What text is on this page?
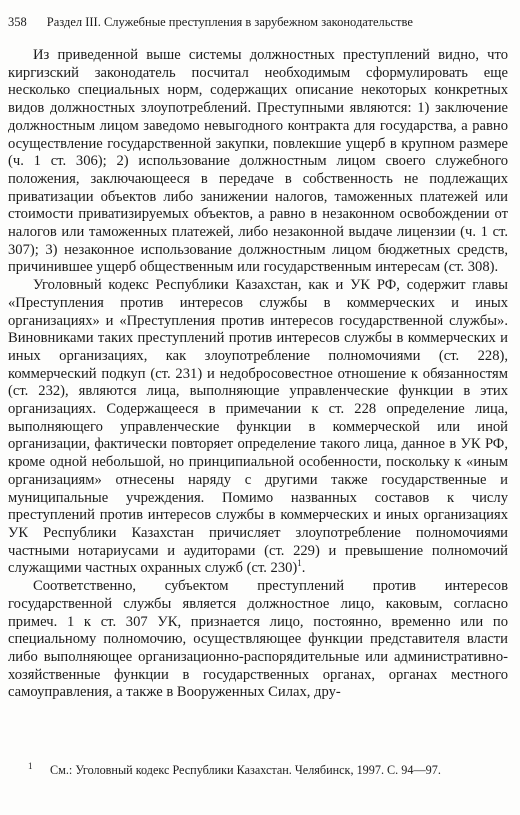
358 Раздел III. Служебные преступления в зарубежном законодательстве

Из приведенной выше системы должностных преступлений видно, что киргизский законодатель посчитал необходимым сформулировать еще несколько специальных норм, содержащих описание некоторых конкретных видов должностных злоупотреблений. Преступными являются: 1) заключение должностным лицом заведомо невыгодного контракта для государства, а равно осуществление государственной закупки, повлекшие ущерб в крупном размере (ч. 1 ст. 306); 2) использование должностным лицом своего служебного положения, заключающееся в передаче в собственность не подлежащих приватизации объектов либо занижении налогов, таможенных платежей или стоимости приватизируемых объектов, а равно в незаконном освобождении от налогов или таможенных платежей, либо незаконной выдаче лицензии (ч. 1 ст. 307); 3) незаконное использование должностным лицом бюджетных средств, причинившее ущерб общественным или государственным интересам (ст. 308).

Уголовный кодекс Республики Казахстан, как и УК РФ, содержит главы «Преступления против интересов службы в коммерческих и иных организациях» и «Преступления против интересов государственной службы». Виновниками таких преступлений против интересов службы в коммерческих и иных организациях, как злоупотребление полномочиями (ст. 228), коммерческий подкуп (ст. 231) и недобросовестное отношение к обязанностям (ст. 232), являются лица, выполняющие управленческие функции в этих организациях. Содержащееся в примечании к ст. 228 определение лица, выполняющего управленческие функции в коммерческой или иной организации, фактически повторяет определение такого лица, данное в УК РФ, кроме одной небольшой, но принципиальной особенности, поскольку к «иным организациям» отнесены наряду с другими также государственные и муниципальные учреждения. Помимо названных составов к числу преступлений против интересов службы в коммерческих и иных организациях УК Республики Казахстан причисляет злоупотребление полномочиями частными нотариусами и аудиторами (ст. 229) и превышение полномочий служащими частных охранных служб (ст. 230)$^1$.

Соответственно, субъектом преступлений против интересов государственной службы является должностное лицо, каковым, согласно примеч. 1 к ст. 307 УК, признается лицо, постоянно, временно или по специальному полномочию, осуществляющее функции представителя власти либо выполняющее организационно-распорядительные или административно-хозяйственные функции в государственных органах, органах местного самоуправления, а также в Вооруженных Силах, дру-

1 См.: Уголовный кодекс Республики Казахстан. Челябинск, 1997. С. 94—97.
